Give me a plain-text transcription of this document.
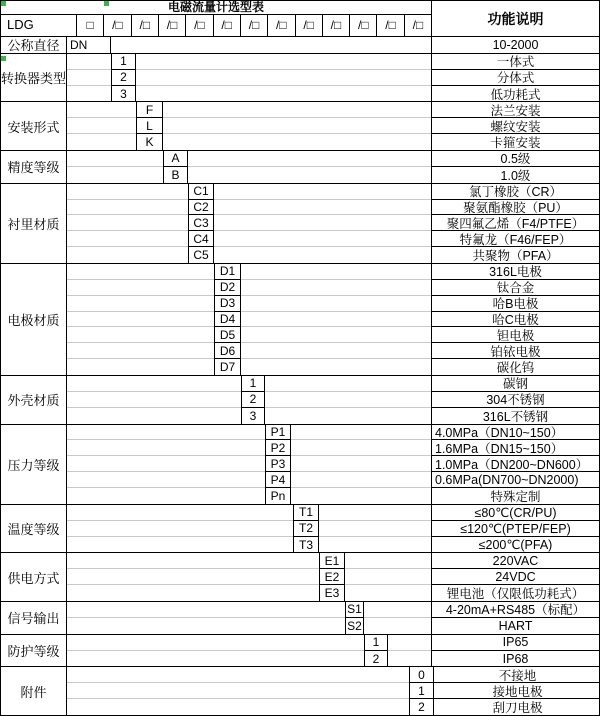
电磁流量计选型表
LDG	□	/□	/□	/□	/□	/□	/□	/□	/□	/□	/□	/□	/□	功能说明
公称直径 DN	10-2000
转换器类型
1	一体式
2	分体式
3	低功耗式
安装形式
F	法兰安装
L	螺纹安装
K	卡箍安装
精度等级
A	0.5级
B	1.0级
衬里材质
C1	氯丁橡胶（CR）
C2	聚氨酯橡胶（PU）
C3	聚四氟乙烯（F4/PTFE）
C4	特氟龙（F46/FEP）
C5	共聚物（PFA）
电极材质
D1	316L电极
D2	钛合金
D3	哈B电极
D4	哈C电极
D5	钽电极
D6	铂铱电极
D7	碳化钨
外壳材质
1	碳钢
2	304不锈钢
3	316L不锈钢
压力等级
P1	4.0MPa（DN10~150）
P2	1.6MPa（DN15~150）
P3	1.0MPa（DN200~DN600）
P4	0.6MPa(DN700~DN2000)
Pn	特殊定制
温度等级
T1	≤80℃(CR/PU)
T2	≤120℃(PTEP/FEP)
T3	≤200℃(PFA)
供电方式
E1	220VAC
E2	24VDC
E3	锂电池（仅限低功耗式）
信号输出
S1	4-20mA+RS485（标配）
S2	HART
防护等级
1	IP65
2	IP68
附件
0	不接地
1	接地电极
2	刮刀电极
